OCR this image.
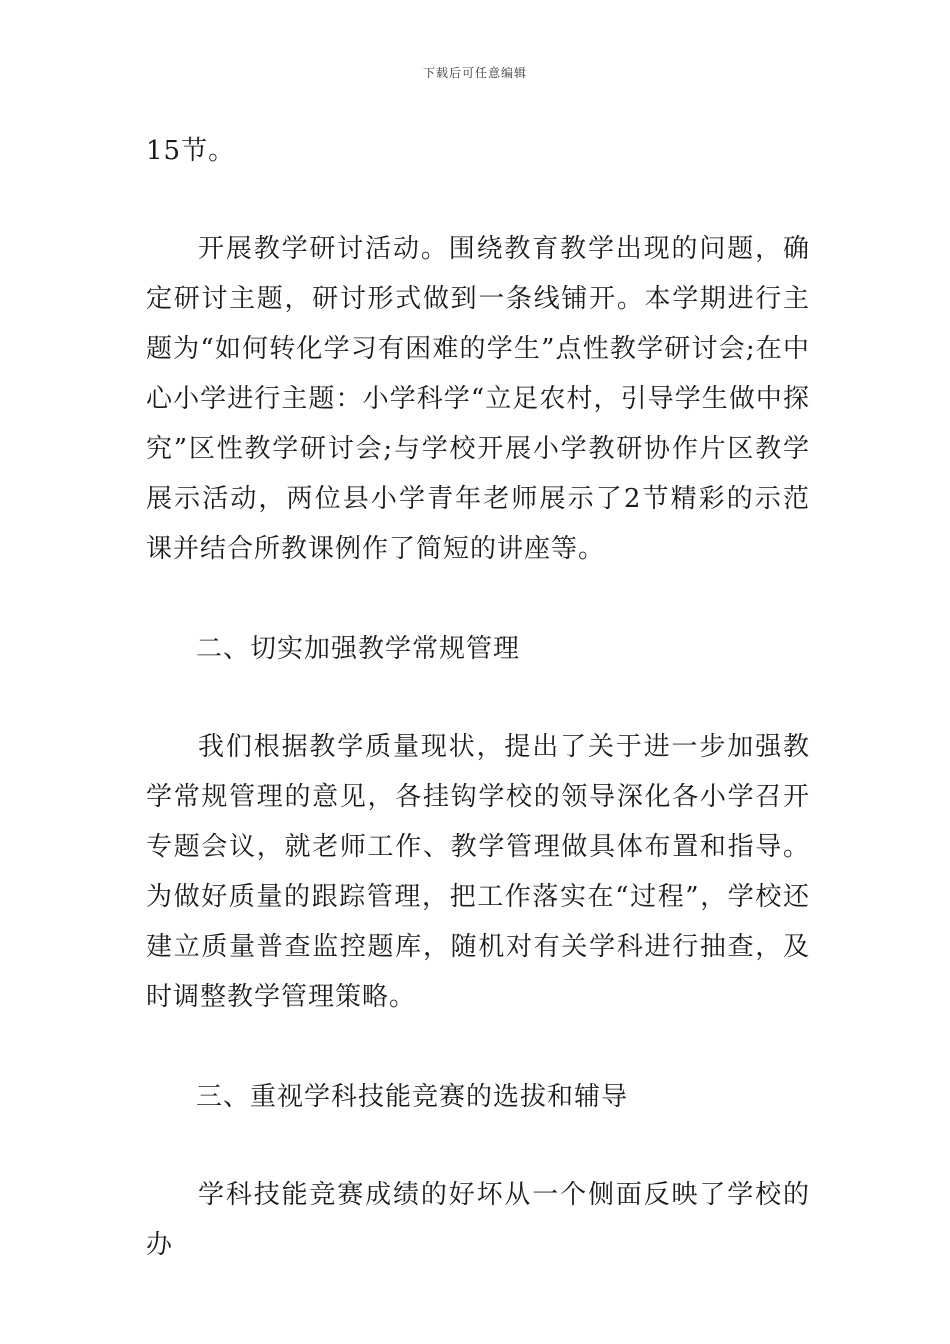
下载后可任意编辑

15节。

开展教学研讨活动。围绕教育教学出现的问题，确定研讨主题，研讨形式做到一条线铺开。本学期进行主题为“如何转化学习有困难的学生”点性教学研讨会;在中心小学进行主题：小学科学“立足农村，引导学生做中探究”区性教学研讨会;与学校开展小学教研协作片区教学展示活动，两位县小学青年老师展示了2节精彩的示范课并结合所教课例作了简短的讲座等。

二、切实加强教学常规管理

我们根据教学质量现状，提出了关于进一步加强教学常规管理的意见，各挂钩学校的领导深化各小学召开专题会议，就老师工作、教学管理做具体布置和指导。为做好质量的跟踪管理，把工作落实在“过程”，学校还建立质量普查监控题库，随机对有关学科进行抽查，及时调整教学管理策略。

三、重视学科技能竞赛的选拔和辅导

学科技能竞赛成绩的好坏从一个侧面反映了学校的办
